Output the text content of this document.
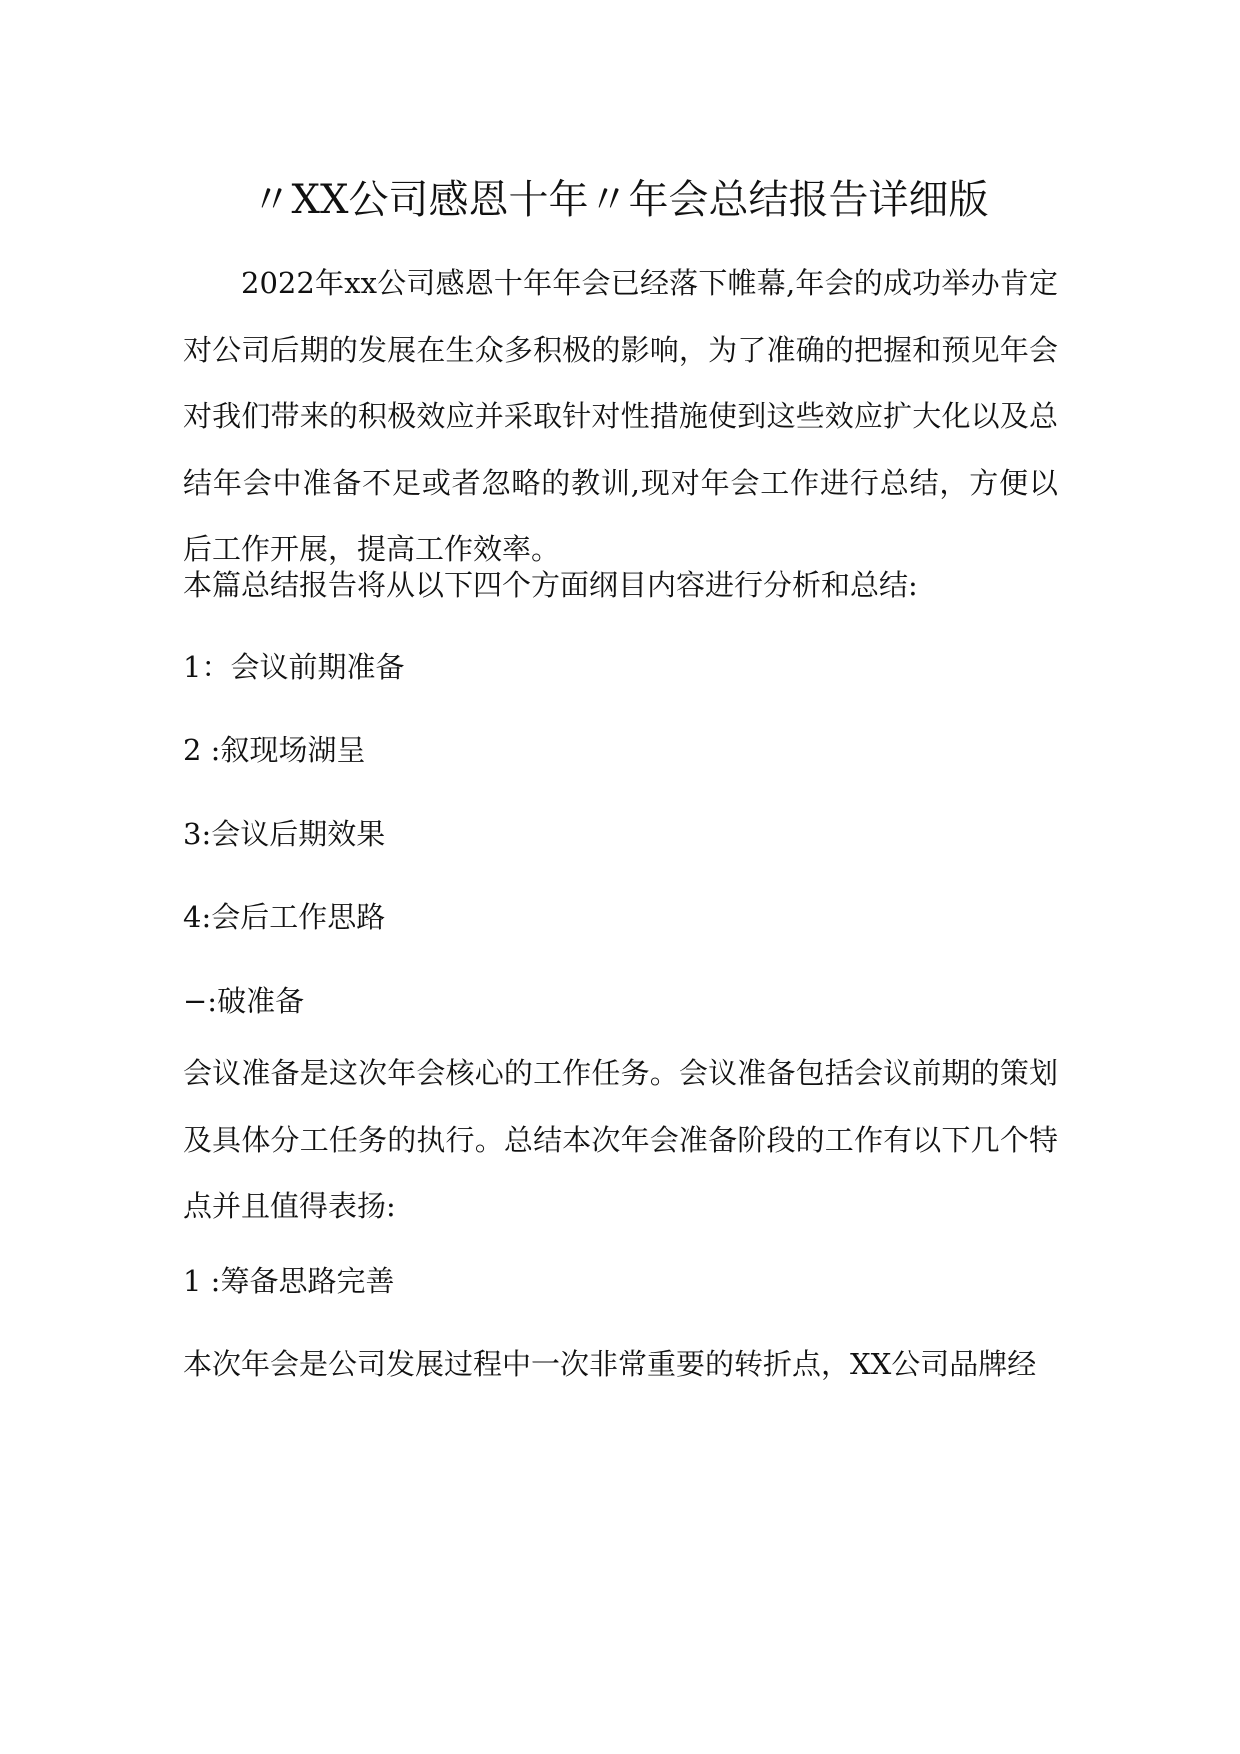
〃XX公司感恩十年〃年会总结报告详细版

2022年xx公司感恩十年年会已经落下帷幕,年会的成功举办肯定对公司后期的发展在生众多积极的影响，为了准确的把握和预见年会对我们带来的积极效应并采取针对性措施使到这些效应扩大化以及总结年会中准备不足或者忽略的教训,现对年会工作进行总结，方便以后工作开展，提高工作效率。

本篇总结报告将从以下四个方面纲目内容进行分析和总结:

1：会议前期准备

2 :叙现场湖呈

3:会议后期效果

4:会后工作思路

−:破准备

会议准备是这次年会核心的工作任务。会议准备包括会议前期的策划及具体分工任务的执行。总结本次年会准备阶段的工作有以下几个特点并且值得表扬:

1 :筹备思路完善

本次年会是公司发展过程中一次非常重要的转折点，XX公司品牌经
